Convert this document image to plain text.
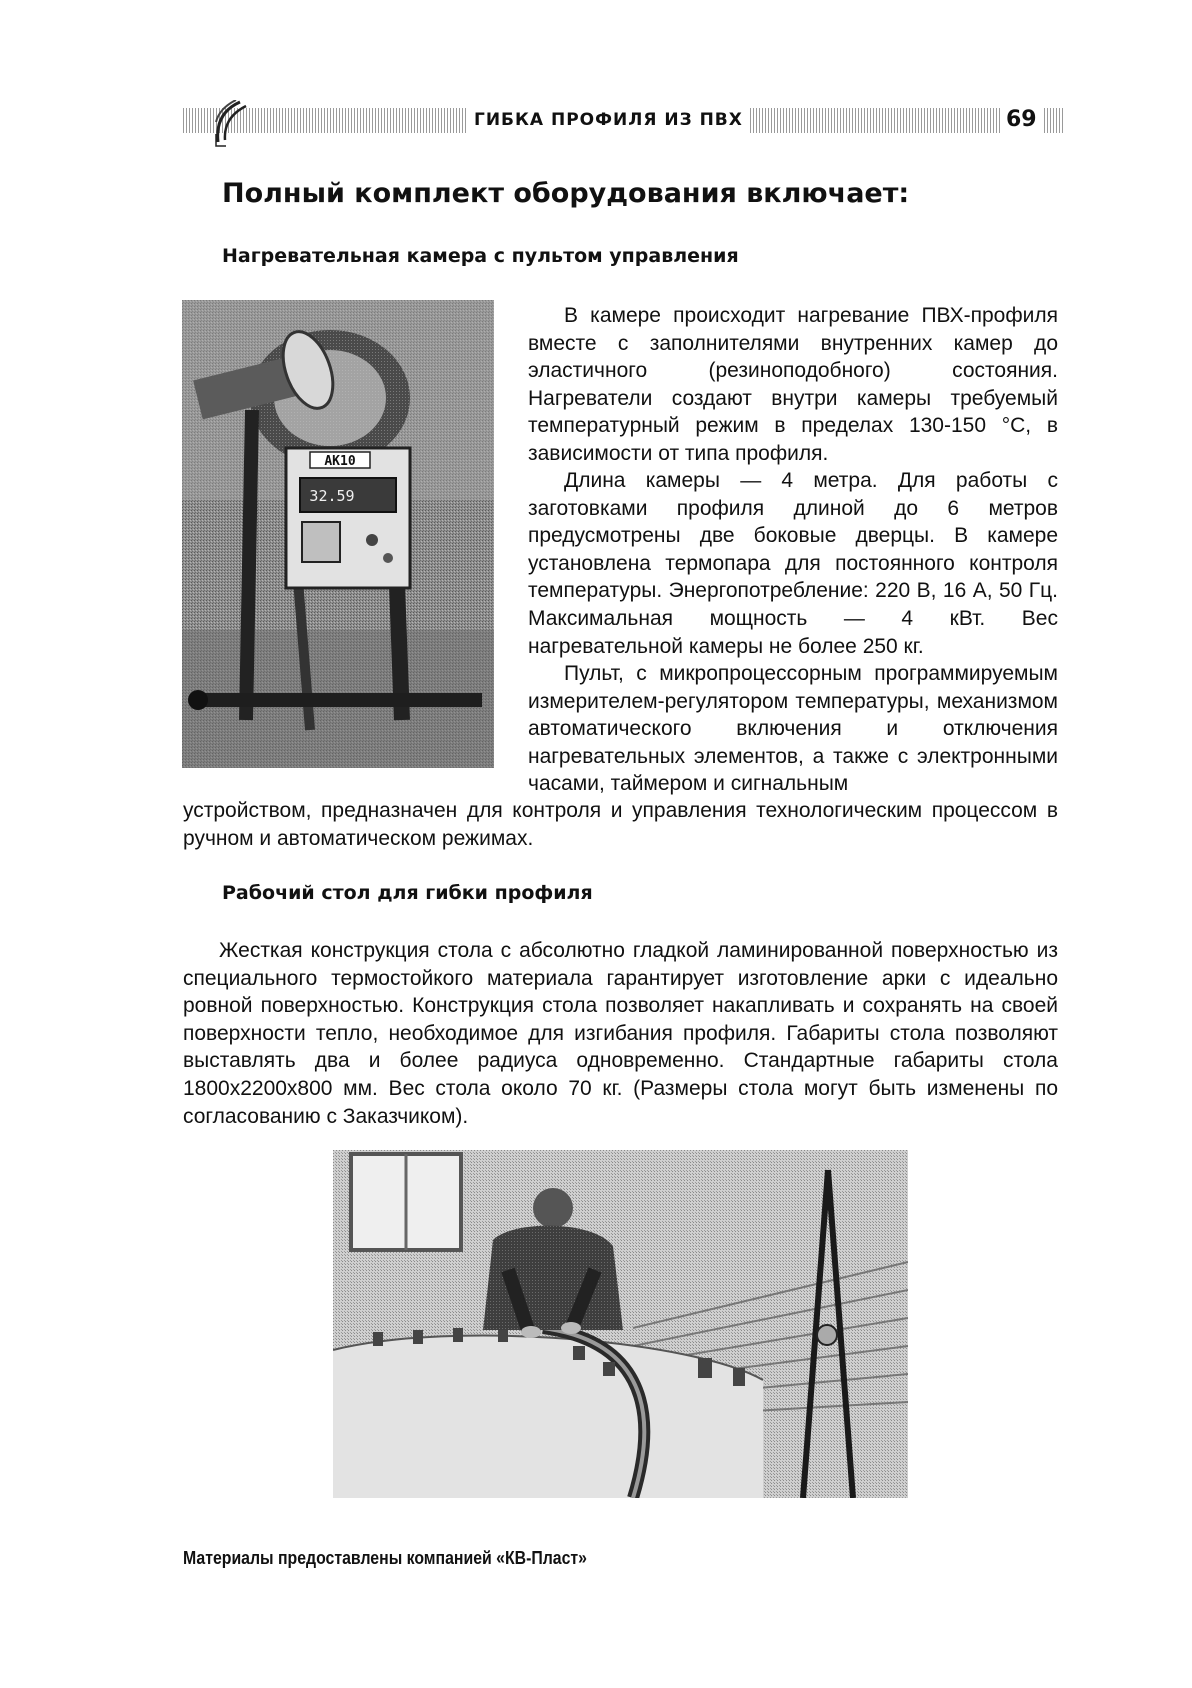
ГИБКА ПРОФИЛЯ ИЗ ПВХ	69
Полный комплект оборудования включает:
Нагревательная камера с пультом управления
АК10
32.59

В камере происходит нагревание ПВХ-профиля вместе с заполнителями внутренних камер до эластичного (резиноподобного) состояния. Нагреватели создают внутри камеры требуемый температурный режим в пределах 130-150 °С, в зависимости от типа профиля.

Длина камеры — 4 метра. Для работы с заготовками профиля длиной до 6 метров предусмотрены две боковые дверцы. В камере установлена термопара для постоянного контроля температуры. Энергопотребление: 220 В, 16 А, 50 Гц. Максимальная мощность — 4 кВт. Вес нагревательной камеры не более 250 кг.

Пульт, с микропроцессорным программируемым измерителем-регулятором температуры, механизмом автоматического включения и отключения нагревательных элементов, а также с электронными часами, таймером и сигнальным

устройством, предназначен для контроля и управления технологическим процессом в ручном и автоматическом режимах.

Рабочий стол для гибки профиля

Жесткая конструкция стола с абсолютно гладкой ламинированной поверхностью из специального термостойкого материала гарантирует изготовление арки с идеально ровной поверхностью. Конструкция стола позволяет накапливать и сохранять на своей поверхности тепло, необходимое для изгибания профиля. Габариты стола позволяют выставлять два и более радиуса одновременно. Стандартные габариты стола 1800х2200х800 мм. Вес стола около 70 кг. (Размеры стола могут быть изменены по согласованию с Заказчиком).

Материалы предоставлены компанией «КВ-Пласт»
